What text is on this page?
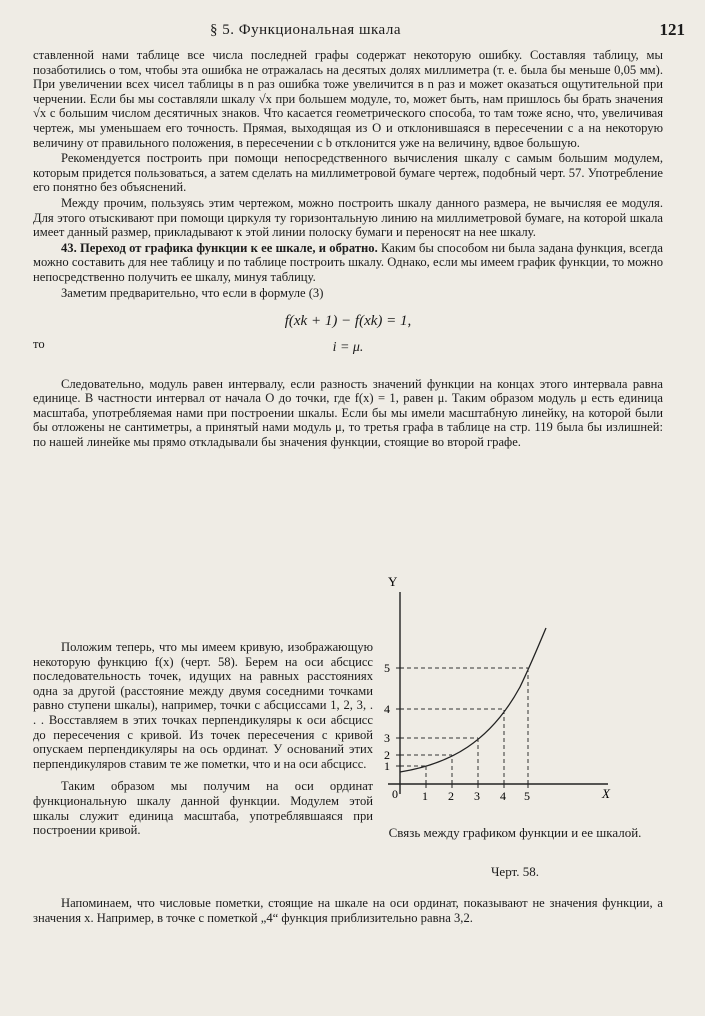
§ 5. Функциональная шкала	121

ставленной нами таблице все числа последней графы содержат некоторую ошибку. Составляя таблицу, мы позаботились о том, чтобы эта ошибка не отражалась на десятых долях миллиметра (т. е. была бы меньше 0,05 мм). При увеличении всех чисел таблицы в n раз ошибка тоже увеличится в n раз и может оказаться ощутительной при черчении. Если бы мы составляли шкалу √x при большем модуле, то, может быть, нам пришлось бы брать значения √x с большим числом десятичных знаков. Что касается геометрического способа, то там тоже ясно, что, увеличивая чертеж, мы уменьшаем его точность. Прямая, выходящая из O и отклонившаяся в пересечении с a на некоторую величину от правильного положения, в пересечении с b отклонится уже на величину, вдвое большую.

Рекомендуется построить при помощи непосредственного вычисления шкалу с самым большим модулем, которым придется пользоваться, а затем сделать на миллиметровой бумаге чертеж, подобный черт. 57. Употребление его понятно без объяснений.

Между прочим, пользуясь этим чертежом, можно построить шкалу данного размера, не вычисляя ее модуля. Для этого отыскивают при помощи циркуля ту горизонтальную линию на миллиметровой бумаге, на которой шкала имеет данный размер, прикладывают к этой линии полоску бумаги и переносят на нее шкалу.

43. Переход от графика функции к ее шкале, и обратно. Каким бы способом ни была задана функция, всегда можно составить для нее таблицу и по таблице построить шкалу. Однако, если мы имеем график функции, то можно непосредственно получить ее шкалу, минуя таблицу.

Заметим предварительно, что если в формуле (3)

f(xk + 1) − f(xk) = 1,
то	i = μ.

Следовательно, модуль равен интервалу, если разность значений функции на концах этого интервала равна единице. В частности интервал от начала O до точки, где f(x) = 1, равен μ. Таким образом модуль μ есть единица масштаба, употребляемая нами при построении шкалы. Если бы мы имели масштабную линейку, на которой были бы отложены не сантиметры, а принятый нами модуль μ, то третья графа в таблице на стр. 119 была бы излишней: по нашей линейке мы прямо откладывали бы значения функции, стоящие во второй графе.

Положим теперь, что мы имеем кривую, изображающую некоторую функцию f(x) (черт. 58). Берем на оси абсцисс последовательность точек, идущих на равных расстояниях одна за другой (расстояние между двумя соседними точками равно ступени шкалы), например, точки с абсциссами 1, 2, 3, . . . Восставляем в этих точках перпендикуляры к оси абсцисс до пересечения с кривой. Из точек пересечения с кривой опускаем перпендикуляры на ось ординат. У оснований этих перпендикуляров ставим те же пометки, что и на оси абсцисс.

Таким образом мы получим на оси ординат функциональную шкалу данной функции. Модулем этой шкалы служит единица масштаба, употреблявшаяся при построении кривой.

Напоминаем, что числовые пометки, стоящие на шкале на оси ординат, показывают не значения функции, а значения x. Например, в точке с пометкой „4“ функция приблизительно равна 3,2.

Y
X
0 1 2 3 4 5
1
2
3
4
5
Связь между графиком функции и ее шкалой.
Черт. 58.
